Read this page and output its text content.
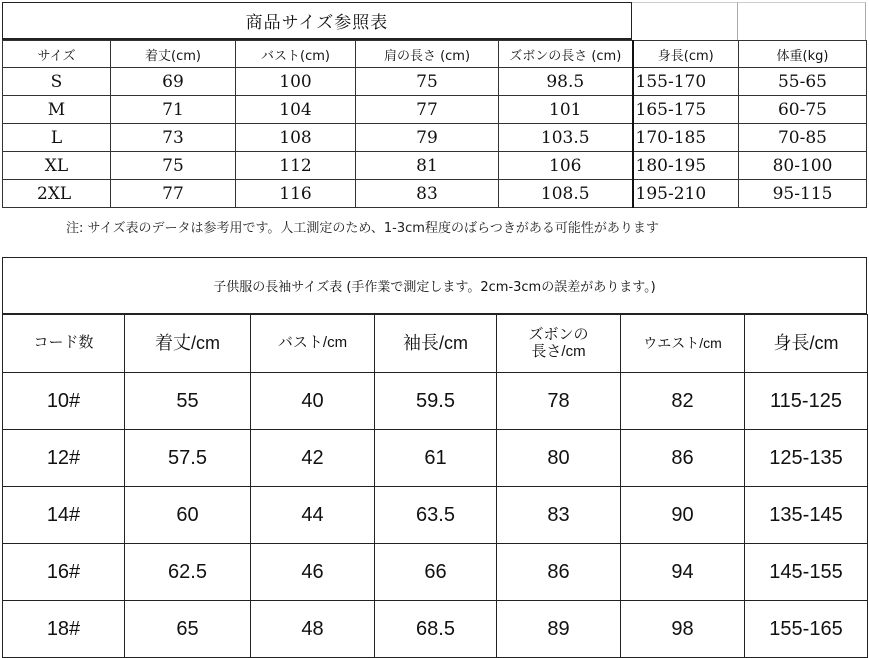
商品サイズ参照表
サイズ	着丈(cm)	バスト(cm)	肩の長さ (cm)	ズボンの長さ (cm)	身長(cm)	体重(kg)
S	69	100	75	98.5	155-170	55-65
M	71	104	77	101	165-175	60-75
L	73	108	79	103.5	170-185	70-85
XL	75	112	81	106	180-195	80-100
2XL	77	116	83	108.5	195-210	95-115
注: サイズ表のデータは参考用です。人工測定のため、1-3cm程度のばらつきがある可能性があります
子供服の長袖サイズ表 (手作業で測定します。2cm-3cmの誤差があります。)
コード数	着丈/cm	バスト/cm	袖長/cm	ズボンの
長さ/cm	ウエスト/cm	身長/cm
10#	55	40	59.5	78	82	115-125
12#	57.5	42	61	80	86	125-135
14#	60	44	63.5	83	90	135-145
16#	62.5	46	66	86	94	145-155
18#	65	48	68.5	89	98	155-165
